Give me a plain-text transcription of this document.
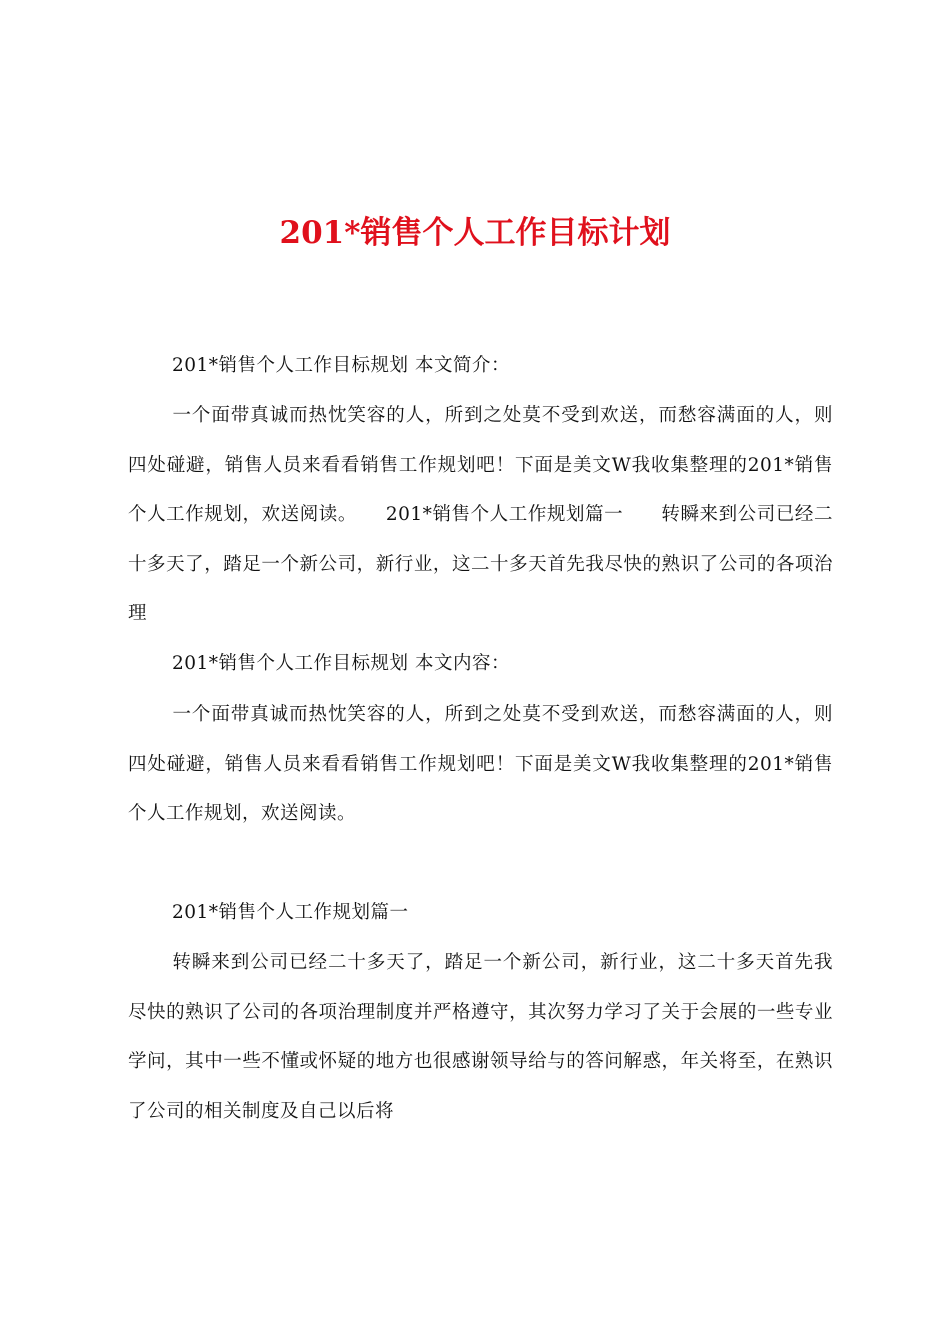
201*销售个人工作目标计划
201*销售个人工作目标规划 本文简介：
一个面带真诚而热忱笑容的人，所到之处莫不受到欢送，而愁容满面的人，则四处碰避，销售人员来看看销售工作规划吧！下面是美文W我收集整理的201*销售个人工作规划，欢送阅读。　　201*销售个人工作规划篇一　　转瞬来到公司已经二十多天了，踏足一个新公司，新行业，这二十多天首先我尽快的熟识了公司的各项治理
201*销售个人工作目标规划 本文内容：
一个面带真诚而热忱笑容的人，所到之处莫不受到欢送，而愁容满面的人，则四处碰避，销售人员来看看销售工作规划吧！下面是美文W我收集整理的201*销售个人工作规划，欢送阅读。
201*销售个人工作规划篇一
转瞬来到公司已经二十多天了，踏足一个新公司，新行业，这二十多天首先我尽快的熟识了公司的各项治理制度并严格遵守，其次努力学习了关于会展的一些专业学问，其中一些不懂或怀疑的地方也很感谢领导给与的答问解惑，年关将至，在熟识了公司的相关制度及自己以后将
